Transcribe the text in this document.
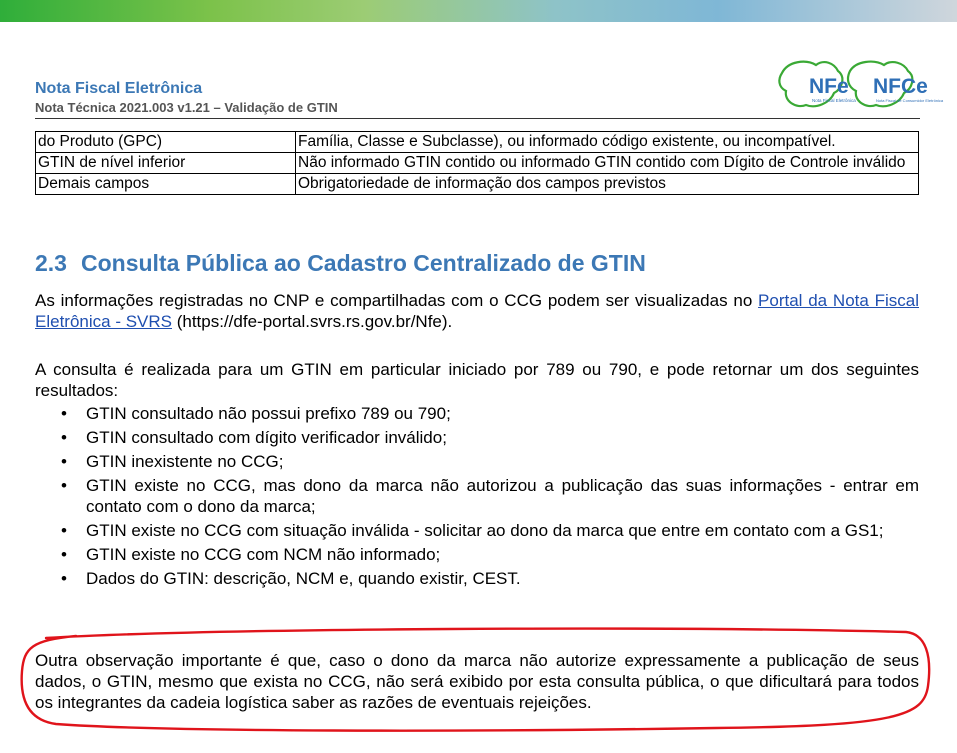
Nota Fiscal Eletrônica
Nota Técnica 2021.003 v1.21 – Validação de GTIN
NFe
Nota Fiscal Eletrônica
NFCe
Nota Fiscal de Consumidor Eletrônica
do Produto (GPC)	Família, Classe e Subclasse), ou informado código existente, ou incompatível.
GTIN de nível inferior	Não informado GTIN contido ou informado GTIN contido com Dígito de Controle inválido
Demais campos	Obrigatoriedade de informação dos campos previstos
2.3 Consulta Pública ao Cadastro Centralizado de GTIN

As informações registradas no CNP e compartilhadas com o CCG podem ser visualizadas no Portal da Nota Fiscal Eletrônica - SVRS (https://dfe-portal.svrs.rs.gov.br/Nfe).

A consulta é realizada para um GTIN em particular iniciado por 789 ou 790, e pode retornar um dos seguintes resultados:

• GTIN consultado não possui prefixo 789 ou 790;
• GTIN consultado com dígito verificador inválido;
• GTIN inexistente no CCG;
• GTIN existe no CCG, mas dono da marca não autorizou a publicação das suas informações - entrar em contato com o dono da marca;
• GTIN existe no CCG com situação inválida - solicitar ao dono da marca que entre em contato com a GS1;
• GTIN existe no CCG com NCM não informado;
• Dados do GTIN: descrição, NCM e, quando existir, CEST.

Outra observação importante é que, caso o dono da marca não autorize expressamente a publicação de seus dados, o GTIN, mesmo que exista no CCG, não será exibido por esta consulta pública, o que dificultará para todos os integrantes da cadeia logística saber as razões de eventuais rejeições.
